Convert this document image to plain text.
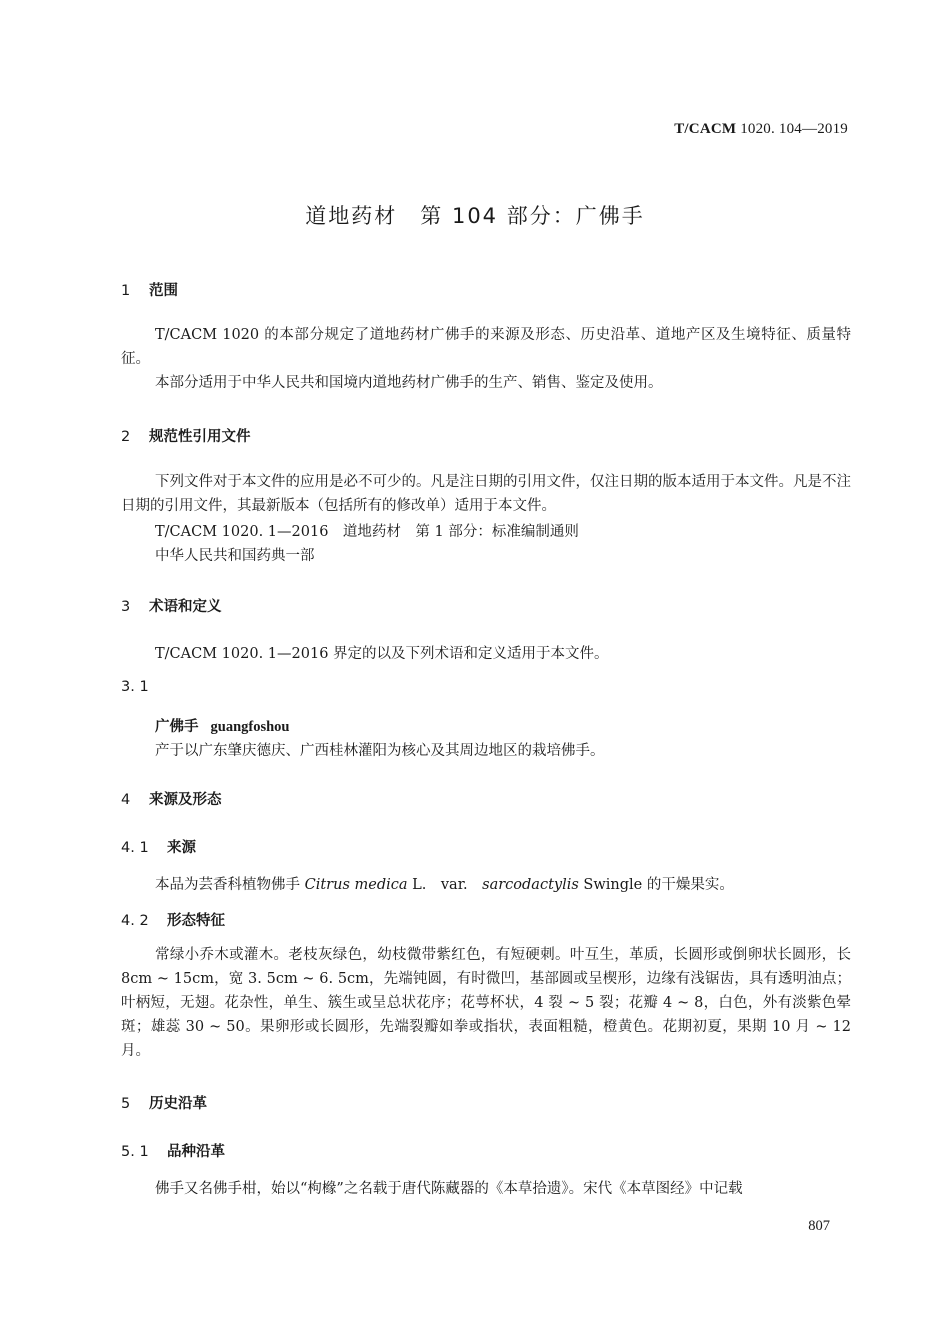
T/CACM 1020. 104—2019
道地药材　第 104 部分：广佛手
1 范围
T/CACM 1020 的本部分规定了道地药材广佛手的来源及形态、历史沿革、道地产区及生境特征、质量特征。
本部分适用于中华人民共和国境内道地药材广佛手的生产、销售、鉴定及使用。
2 规范性引用文件
下列文件对于本文件的应用是必不可少的。凡是注日期的引用文件，仅注日期的版本适用于本文件。凡是不注日期的引用文件，其最新版本（包括所有的修改单）适用于本文件。
T/CACM 1020. 1—2016　道地药材　第 1 部分：标准编制通则
中华人民共和国药典一部
3 术语和定义
T/CACM 1020. 1—2016 界定的以及下列术语和定义适用于本文件。
3. 1
广佛手 guangfoshou
产于以广东肇庆德庆、广西桂林灌阳为核心及其周边地区的栽培佛手。
4 来源及形态
4. 1 来源
本品为芸香科植物佛手 Citrus medica L.　var.　sarcodactylis Swingle 的干燥果实。
4. 2 形态特征
常绿小乔木或灌木。老枝灰绿色，幼枝微带紫红色，有短硬刺。叶互生，革质，长圆形或倒卵状长圆形，长 8cm ~ 15cm，宽 3. 5cm ~ 6. 5cm，先端钝圆，有时微凹，基部圆或呈楔形，边缘有浅锯齿，具有透明油点；叶柄短，无翅。花杂性，单生、簇生或呈总状花序；花萼杯状，4 裂 ~ 5 裂；花瓣 4 ~ 8，白色，外有淡紫色晕斑；雄蕊 30 ~ 50。果卵形或长圆形，先端裂瓣如拳或指状，表面粗糙，橙黄色。花期初夏，果期 10 月 ~ 12 月。
5 历史沿革
5. 1 品种沿革
佛手又名佛手柑，始以“枸橼”之名载于唐代陈藏器的《本草拾遗》。宋代《本草图经》中记载
807
